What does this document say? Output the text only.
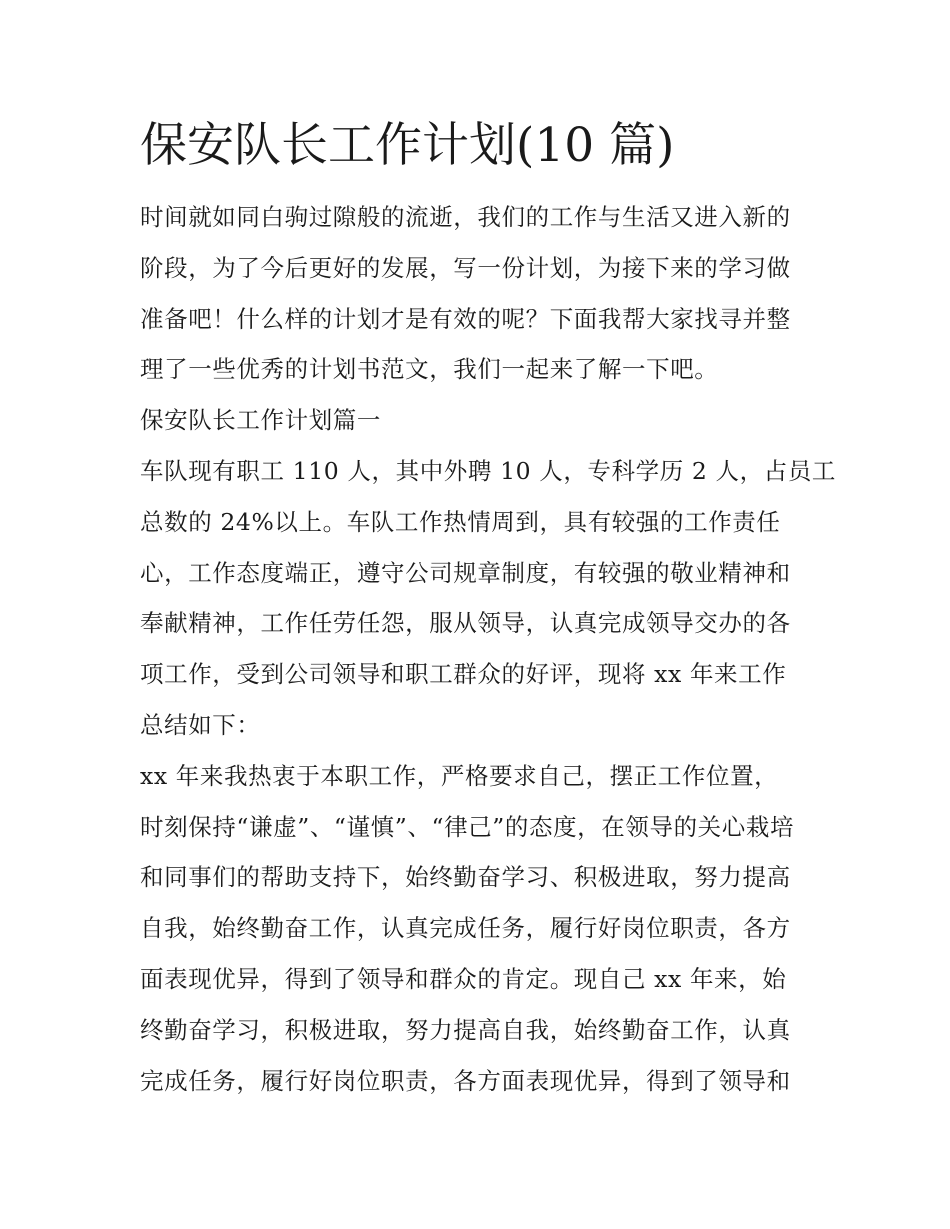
保安队长工作计划(10 篇)
时间就如同白驹过隙般的流逝，我们的工作与生活又进入新的
阶段，为了今后更好的发展，写一份计划，为接下来的学习做
准备吧！什么样的计划才是有效的呢？下面我帮大家找寻并整
理了一些优秀的计划书范文，我们一起来了解一下吧。
保安队长工作计划篇一
车队现有职工 110 人，其中外聘 10 人，专科学历 2 人，占员工
总数的 24%以上。车队工作热情周到，具有较强的工作责任
心，工作态度端正，遵守公司规章制度，有较强的敬业精神和
奉献精神，工作任劳任怨，服从领导，认真完成领导交办的各
项工作，受到公司领导和职工群众的好评，现将 xx 年来工作
总结如下：
xx 年来我热衷于本职工作，严格要求自己，摆正工作位置，
时刻保持“谦虚”、“谨慎”、“律己”的态度，在领导的关心栽培
和同事们的帮助支持下，始终勤奋学习、积极进取，努力提高
自我，始终勤奋工作，认真完成任务，履行好岗位职责，各方
面表现优异，得到了领导和群众的肯定。现自己 xx 年来，始
终勤奋学习，积极进取，努力提高自我，始终勤奋工作，认真
完成任务，履行好岗位职责，各方面表现优异，得到了领导和
